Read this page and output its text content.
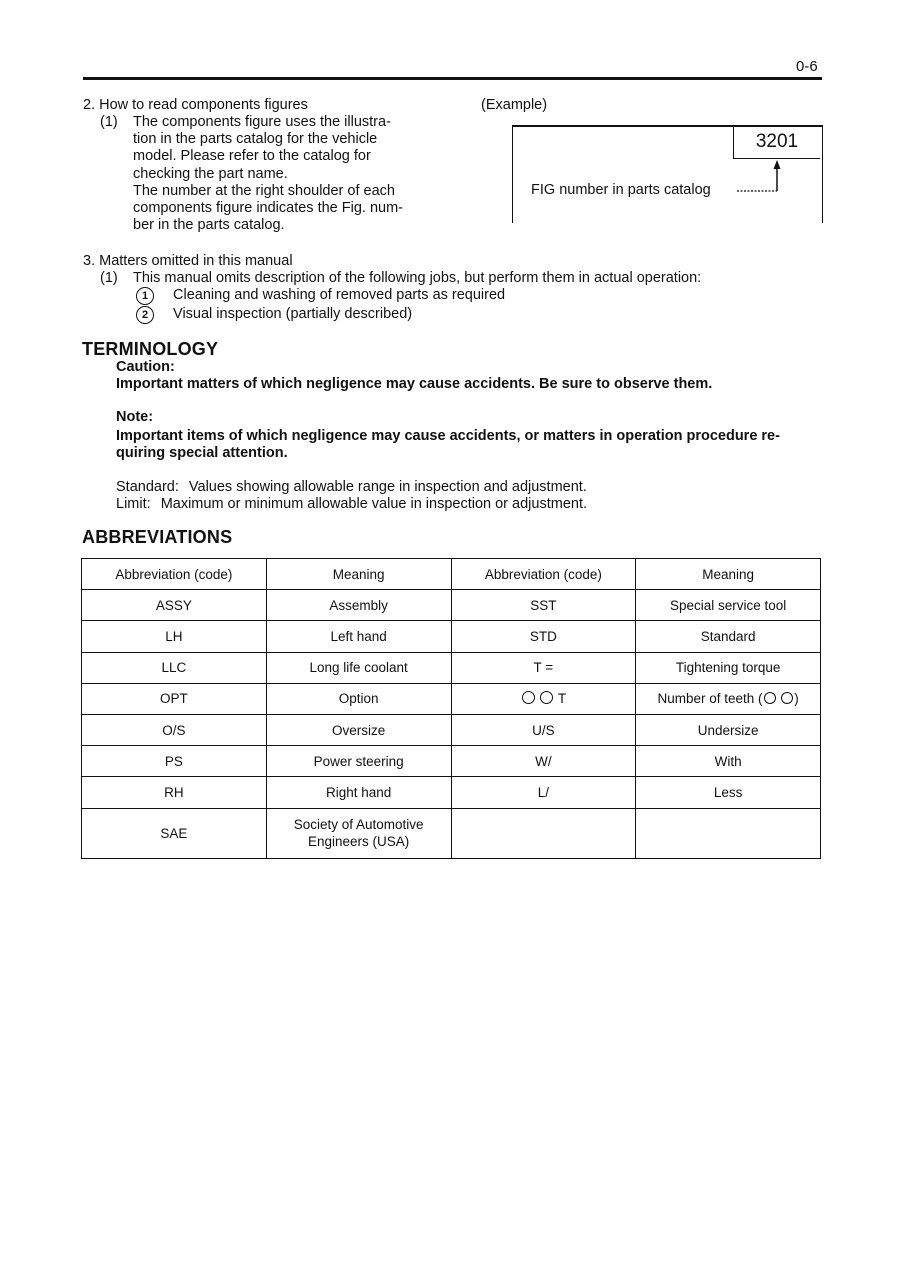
0-6
2. How to read components figures
(1) The components figure uses the illustra-
tion in the parts catalog for the vehicle
model. Please refer to the catalog for
checking the part name.
The number at the right shoulder of each
components figure indicates the Fig. num-
ber in the parts catalog.
(Example)
3201
FIG number in parts catalog
3. Matters omitted in this manual
(1) This manual omits description of the following jobs, but perform them in actual operation:
1 Cleaning and washing of removed parts as required
2 Visual inspection (partially described)
TERMINOLOGY
Caution:
Important matters of which negligence may cause accidents. Be sure to observe them.
Note:
Important items of which negligence may cause accidents, or matters in operation procedure re-
quiring special attention.
Standard: Values showing allowable range in inspection and adjustment.
Limit: Maximum or minimum allowable value in inspection or adjustment.
ABBREVIATIONS
Abbreviation (code)	Meaning	Abbreviation (code)	Meaning
ASSY	Assembly	SST	Special service tool
LH	Left hand	STD	Standard
LLC	Long life coolant	T =	Tightening torque
OPT	Option	T	Number of teeth ( )
O/S	Oversize	U/S	Undersize
PS	Power steering	W/	With
RH	Right hand	L/	Less
SAE	Society of Automotive
Engineers (USA)		
